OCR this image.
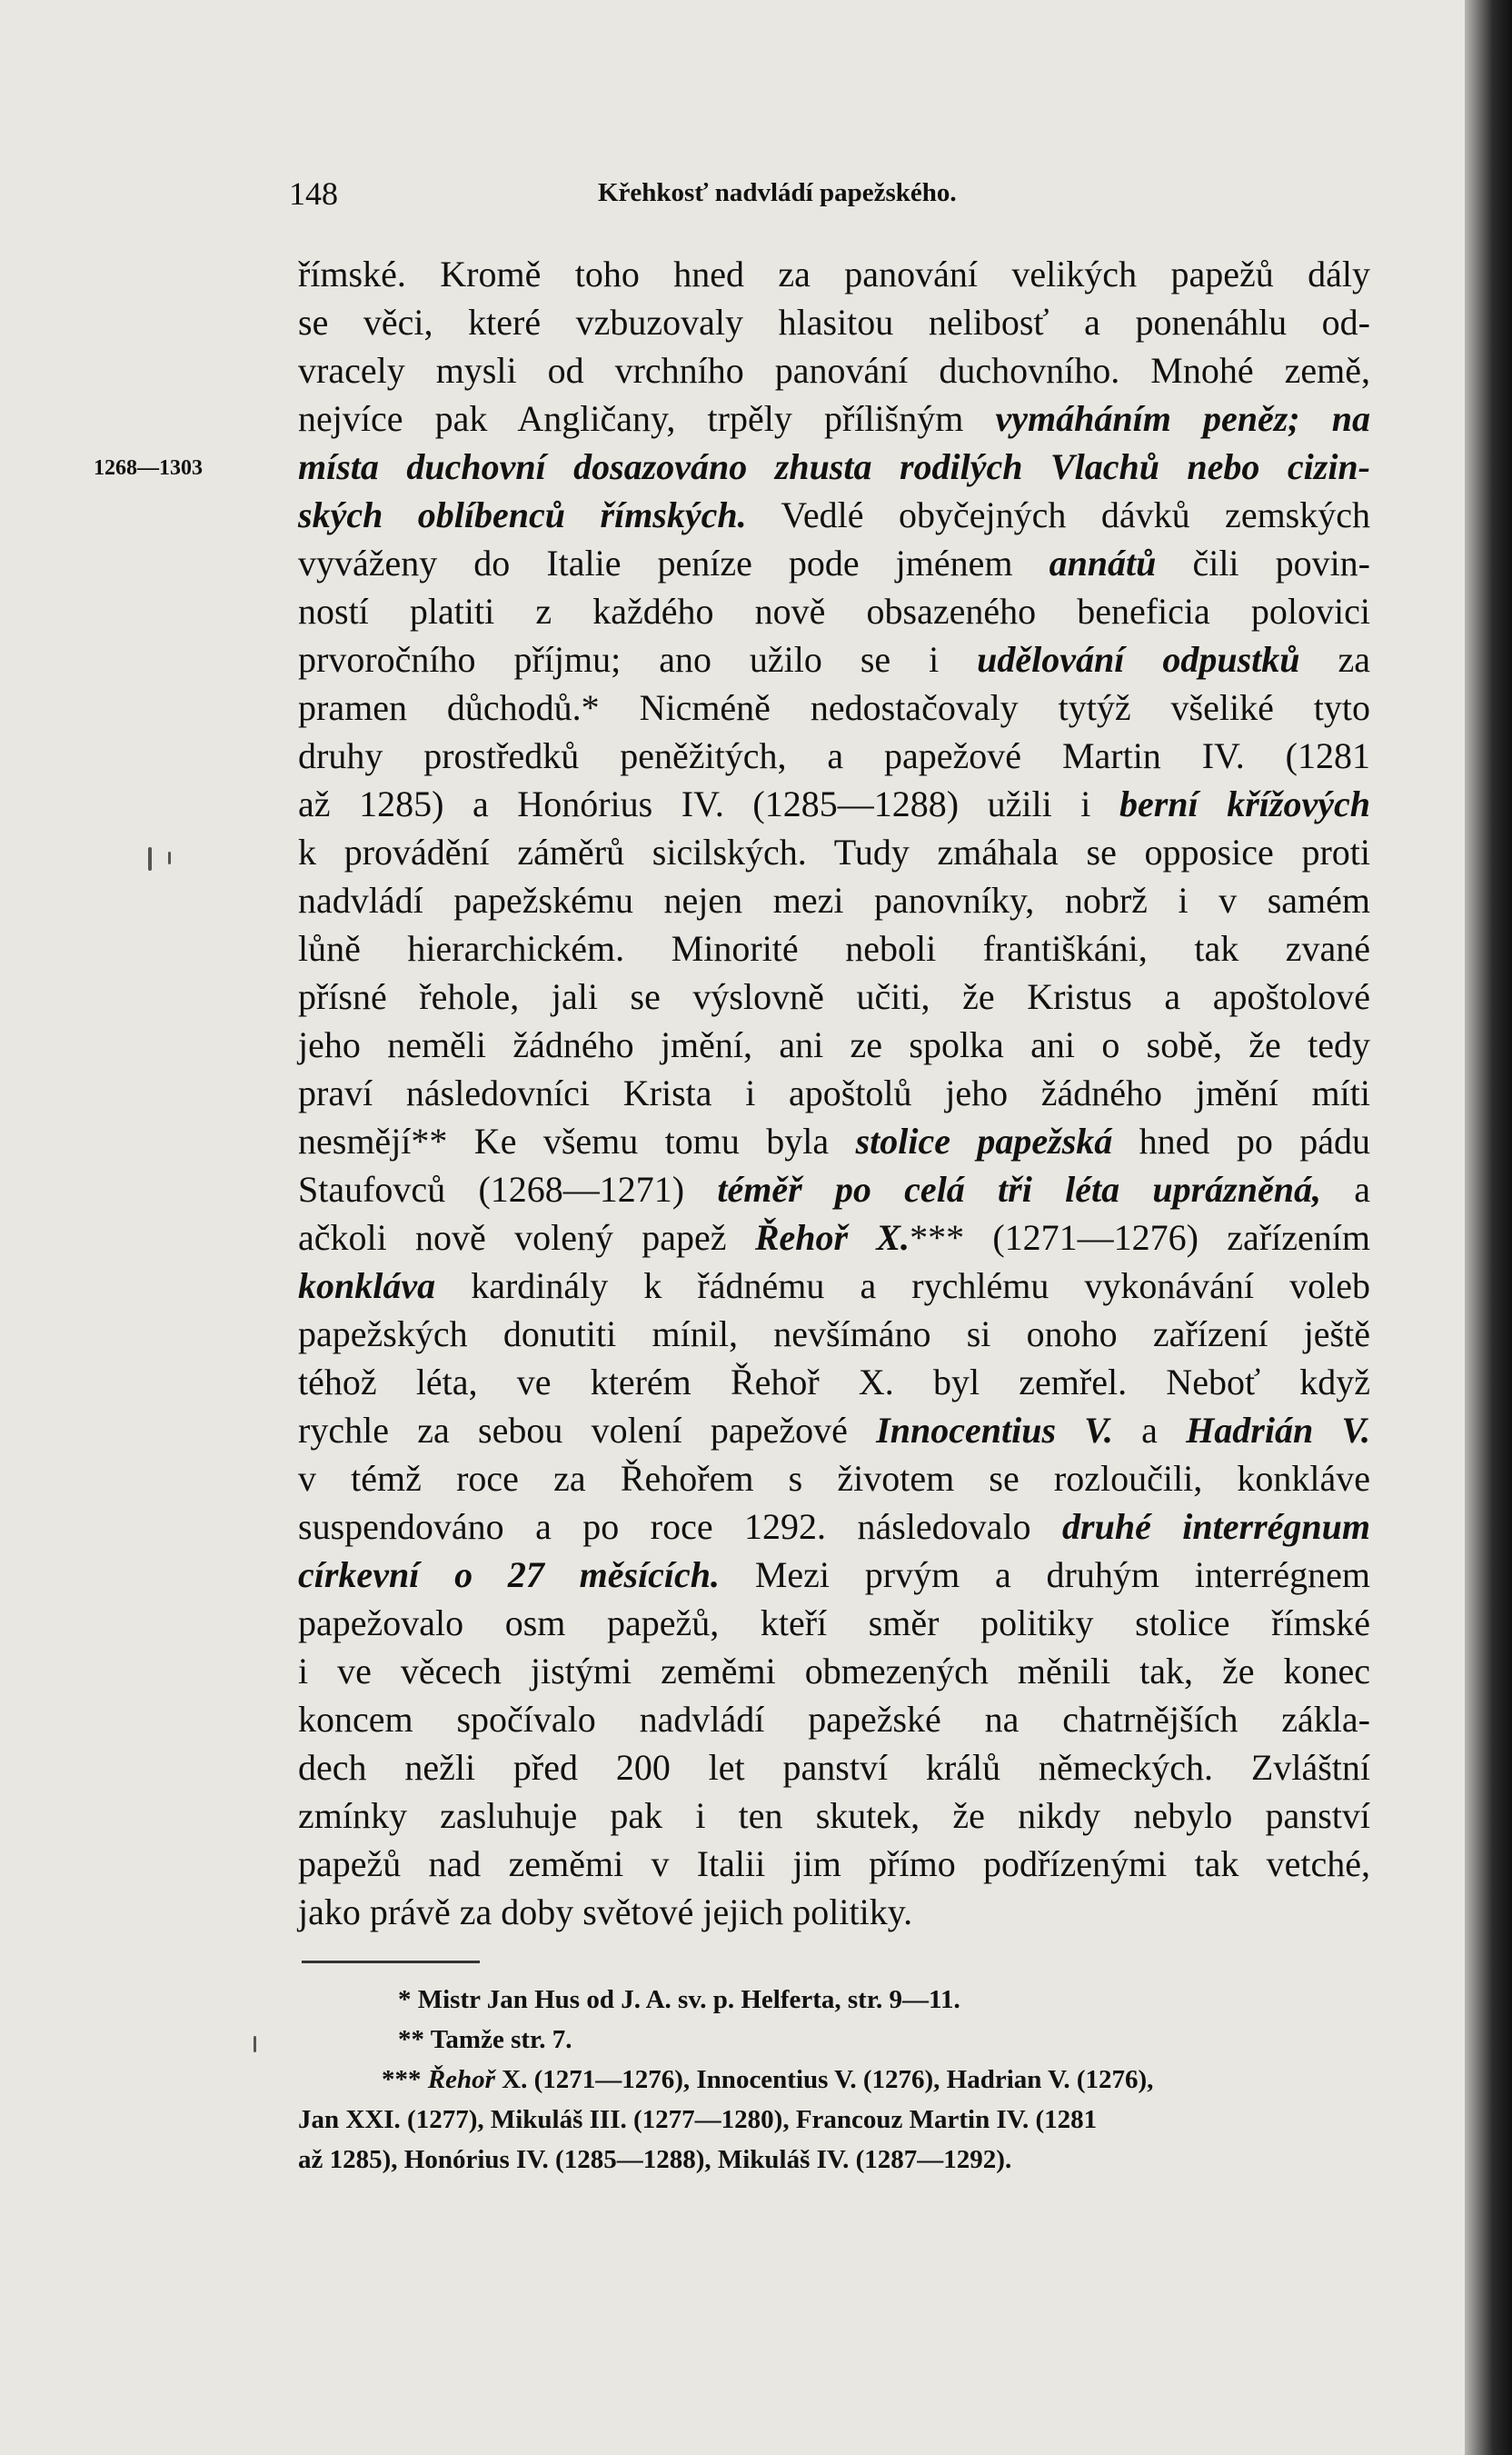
148	Křehkosť nadvládí papežského.
1268—1303
římské. Kromě toho hned za panování velikých papežů dály
se věci, které vzbuzovaly hlasitou nelibosť a ponenáhlu od-
vracely mysli od vrchního panování duchovního. Mnohé země,
nejvíce pak Angličany, trpěly přílišným vymáháním peněz; na
místa duchovní dosazováno zhusta rodilých Vlachů nebo cizin-
ských oblíbenců římských. Vedlé obyčejných dávků zemských
vyváženy do Italie peníze pode jménem annátů čili povin-
ností platiti z každého nově obsazeného beneficia polovici
prvoročního příjmu; ano užilo se i udělování odpustků za
pramen důchodů.* Nicméně nedostačovaly tytýž všeliké tyto
druhy prostředků peněžitých, a papežové Martin IV. (1281
až 1285) a Honórius IV. (1285—1288) užili i berní křížových
k provádění záměrů sicilských. Tudy zmáhala se opposice proti
nadvládí papežskému nejen mezi panovníky, nobrž i v samém
lůně hierarchickém. Minorité neboli františkáni, tak zvané
přísné řehole, jali se výslovně učiti, že Kristus a apoštolové
jeho neměli žádného jmění, ani ze spolka ani o sobě, že tedy
praví následovníci Krista i apoštolů jeho žádného jmění míti
nesmějí** Ke všemu tomu byla stolice papežská hned po pádu
Staufovců (1268—1271) téměř po celá tři léta uprázněná, a
ačkoli nově volený papež Řehoř X.*** (1271—1276) zařízením
konkláva kardinály k řádnému a rychlému vykonávání voleb
papežských donutiti mínil, nevšímáno si onoho zařízení ještě
téhož léta, ve kterém Řehoř X. byl zemřel. Neboť když
rychle za sebou volení papežové Innocentius V. a Hadrián V.
v témž roce za Řehořem s životem se rozloučili, konkláve
suspendováno a po roce 1292. následovalo druhé interrégnum
církevní o 27 měsících. Mezi prvým a druhým interrégnem
papežovalo osm papežů, kteří směr politiky stolice římské
i ve věcech jistými zeměmi obmezených měnili tak, že konec
koncem spočívalo nadvládí papežské na chatrnějších zákla-
dech nežli před 200 let panství králů německých. Zvláštní
zmínky zasluhuje pak i ten skutek, že nikdy nebylo panství
papežů nad zeměmi v Italii jim přímo podřízenými tak vetché,
jako právě za doby světové jejich politiky.
* Mistr Jan Hus od J. A. sv. p. Helferta, str. 9—11.
** Tamže str. 7.
*** Řehoř X. (1271—1276), Innocentius V. (1276), Hadrian V. (1276),
Jan XXI. (1277), Mikuláš III. (1277—1280), Francouz Martin IV. (1281
až 1285), Honórius IV. (1285—1288), Mikuláš IV. (1287—1292).
